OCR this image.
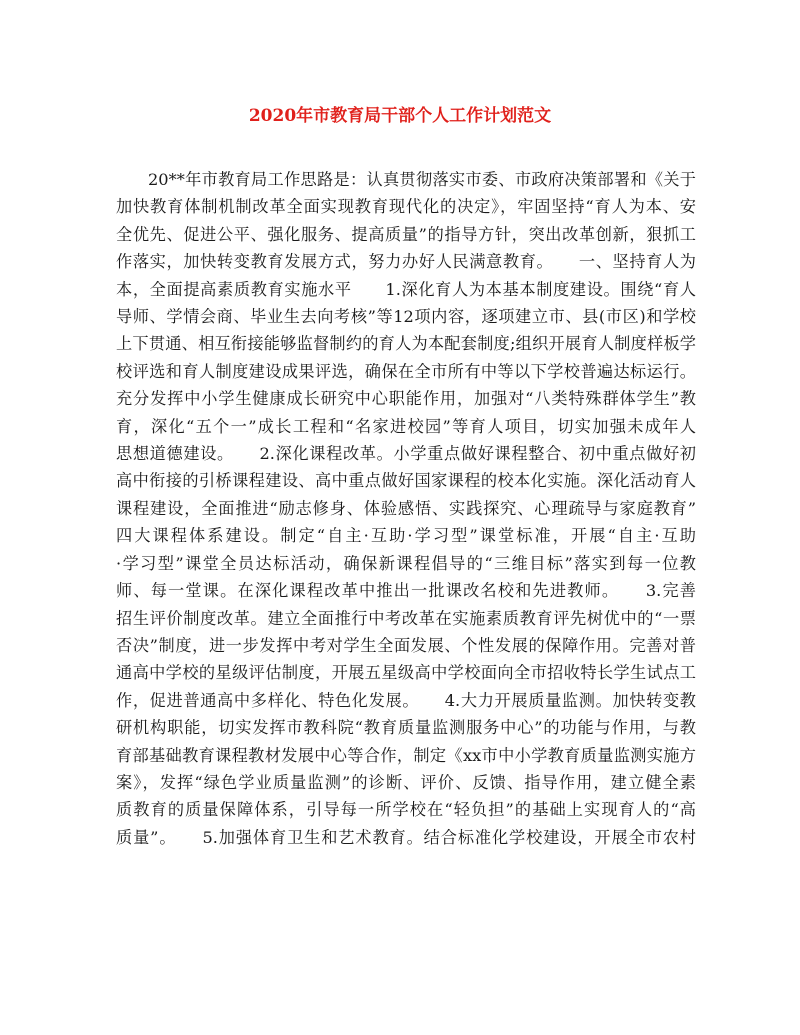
2020年市教育局干部个人工作计划范文
20**年市教育局工作思路是：认真贯彻落实市委、市政府决策部署和《关于
加快教育体制机制改革全面实现教育现代化的决定》，牢固坚持“育人为本、安
全优先、促进公平、强化服务、提高质量”的指导方针，突出改革创新，狠抓工
作落实，加快转变教育发展方式，努力办好人民满意教育。　　一、坚持育人为
本，全面提高素质教育实施水平　　1.深化育人为本基本制度建设。围绕“育人
导师、学情会商、毕业生去向考核”等12项内容，逐项建立市、县(市区)和学校
上下贯通、相互衔接能够监督制约的育人为本配套制度;组织开展育人制度样板学
校评选和育人制度建设成果评选，确保在全市所有中等以下学校普遍达标运行。
充分发挥中小学生健康成长研究中心职能作用，加强对“八类特殊群体学生”教
育，深化“五个一”成长工程和“名家进校园”等育人项目，切实加强未成年人
思想道德建设。　　2.深化课程改革。小学重点做好课程整合、初中重点做好初
高中衔接的引桥课程建设、高中重点做好国家课程的校本化实施。深化活动育人
课程建设，全面推进“励志修身、体验感悟、实践探究、心理疏导与家庭教育”
四大课程体系建设。制定“自主·互助·学习型”课堂标准，开展“自主·互助
·学习型”课堂全员达标活动，确保新课程倡导的“三维目标”落实到每一位教
师、每一堂课。在深化课程改革中推出一批课改名校和先进教师。　　3.完善
招生评价制度改革。建立全面推行中考改革在实施素质教育评先树优中的“一票
否决”制度，进一步发挥中考对学生全面发展、个性发展的保障作用。完善对普
通高中学校的星级评估制度，开展五星级高中学校面向全市招收特长学生试点工
作，促进普通高中多样化、特色化发展。　　4.大力开展质量监测。加快转变教
研机构职能，切实发挥市教科院“教育质量监测服务中心”的功能与作用，与教
育部基础教育课程教材发展中心等合作，制定《xx市中小学教育质量监测实施方
案》，发挥“绿色学业质量监测”的诊断、评价、反馈、指导作用，建立健全素
质教育的质量保障体系，引导每一所学校在“轻负担”的基础上实现育人的“高
质量”。　　5.加强体育卫生和艺术教育。结合标准化学校建设，开展全市农村
